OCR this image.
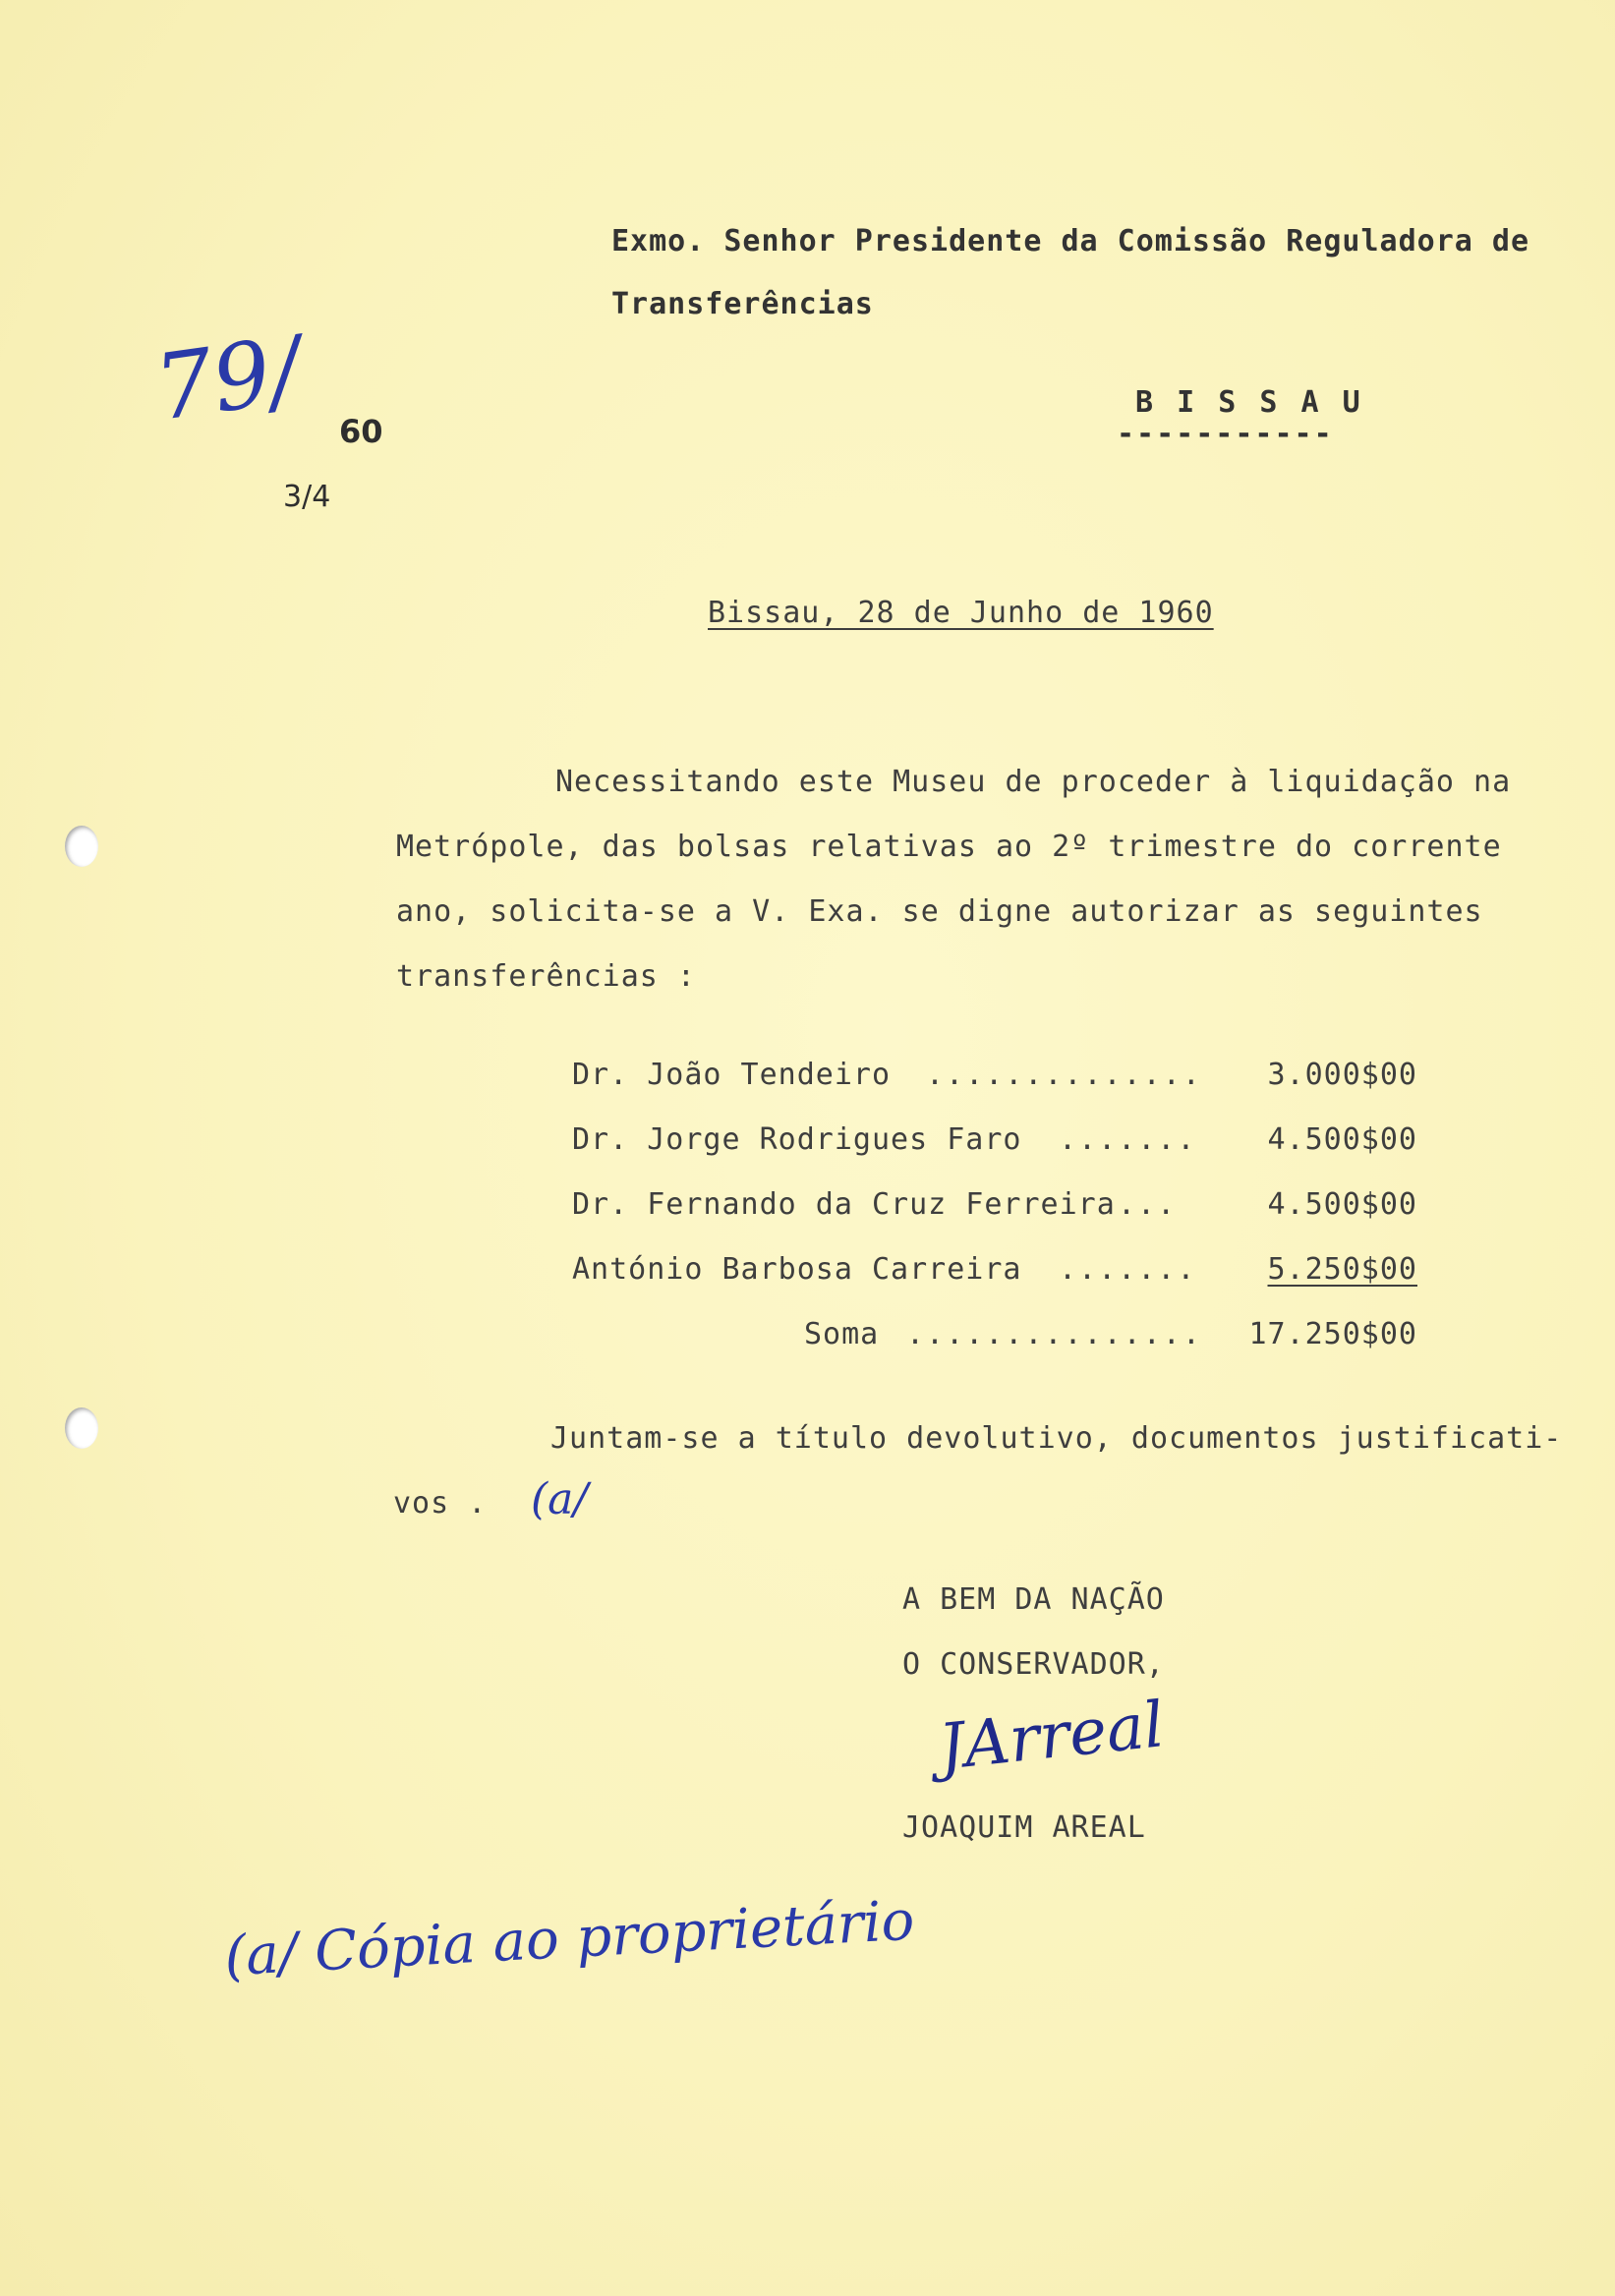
Exmo. Senhor Presidente da Comissão Reguladora de
Transferências
79/ 60
3/4
B I S S A U
-----------
Bissau, 28 de Junho de 1960
Necessitando este Museu de proceder à liquidação na
Metrópole, das bolsas relativas ao 2º trimestre do corrente
ano, solicita-se a V. Exa. se digne autorizar as seguintes
transferências :
Dr. João Tendeiro .............. 3.000$00
Dr. Jorge Rodrigues Faro ....... 4.500$00
Dr. Fernando da Cruz Ferreira ...	4.500$00
António Barbosa Carreira ....... 5.250$00
Soma ............... 17.250$00
Juntam-se a título devolutivo, documentos justificati-
vos . (a/
A BEM DA NAÇÃO
O CONSERVADOR,
JArreal
JOAQUIM AREAL
(a/ Cópia ao proprietário
